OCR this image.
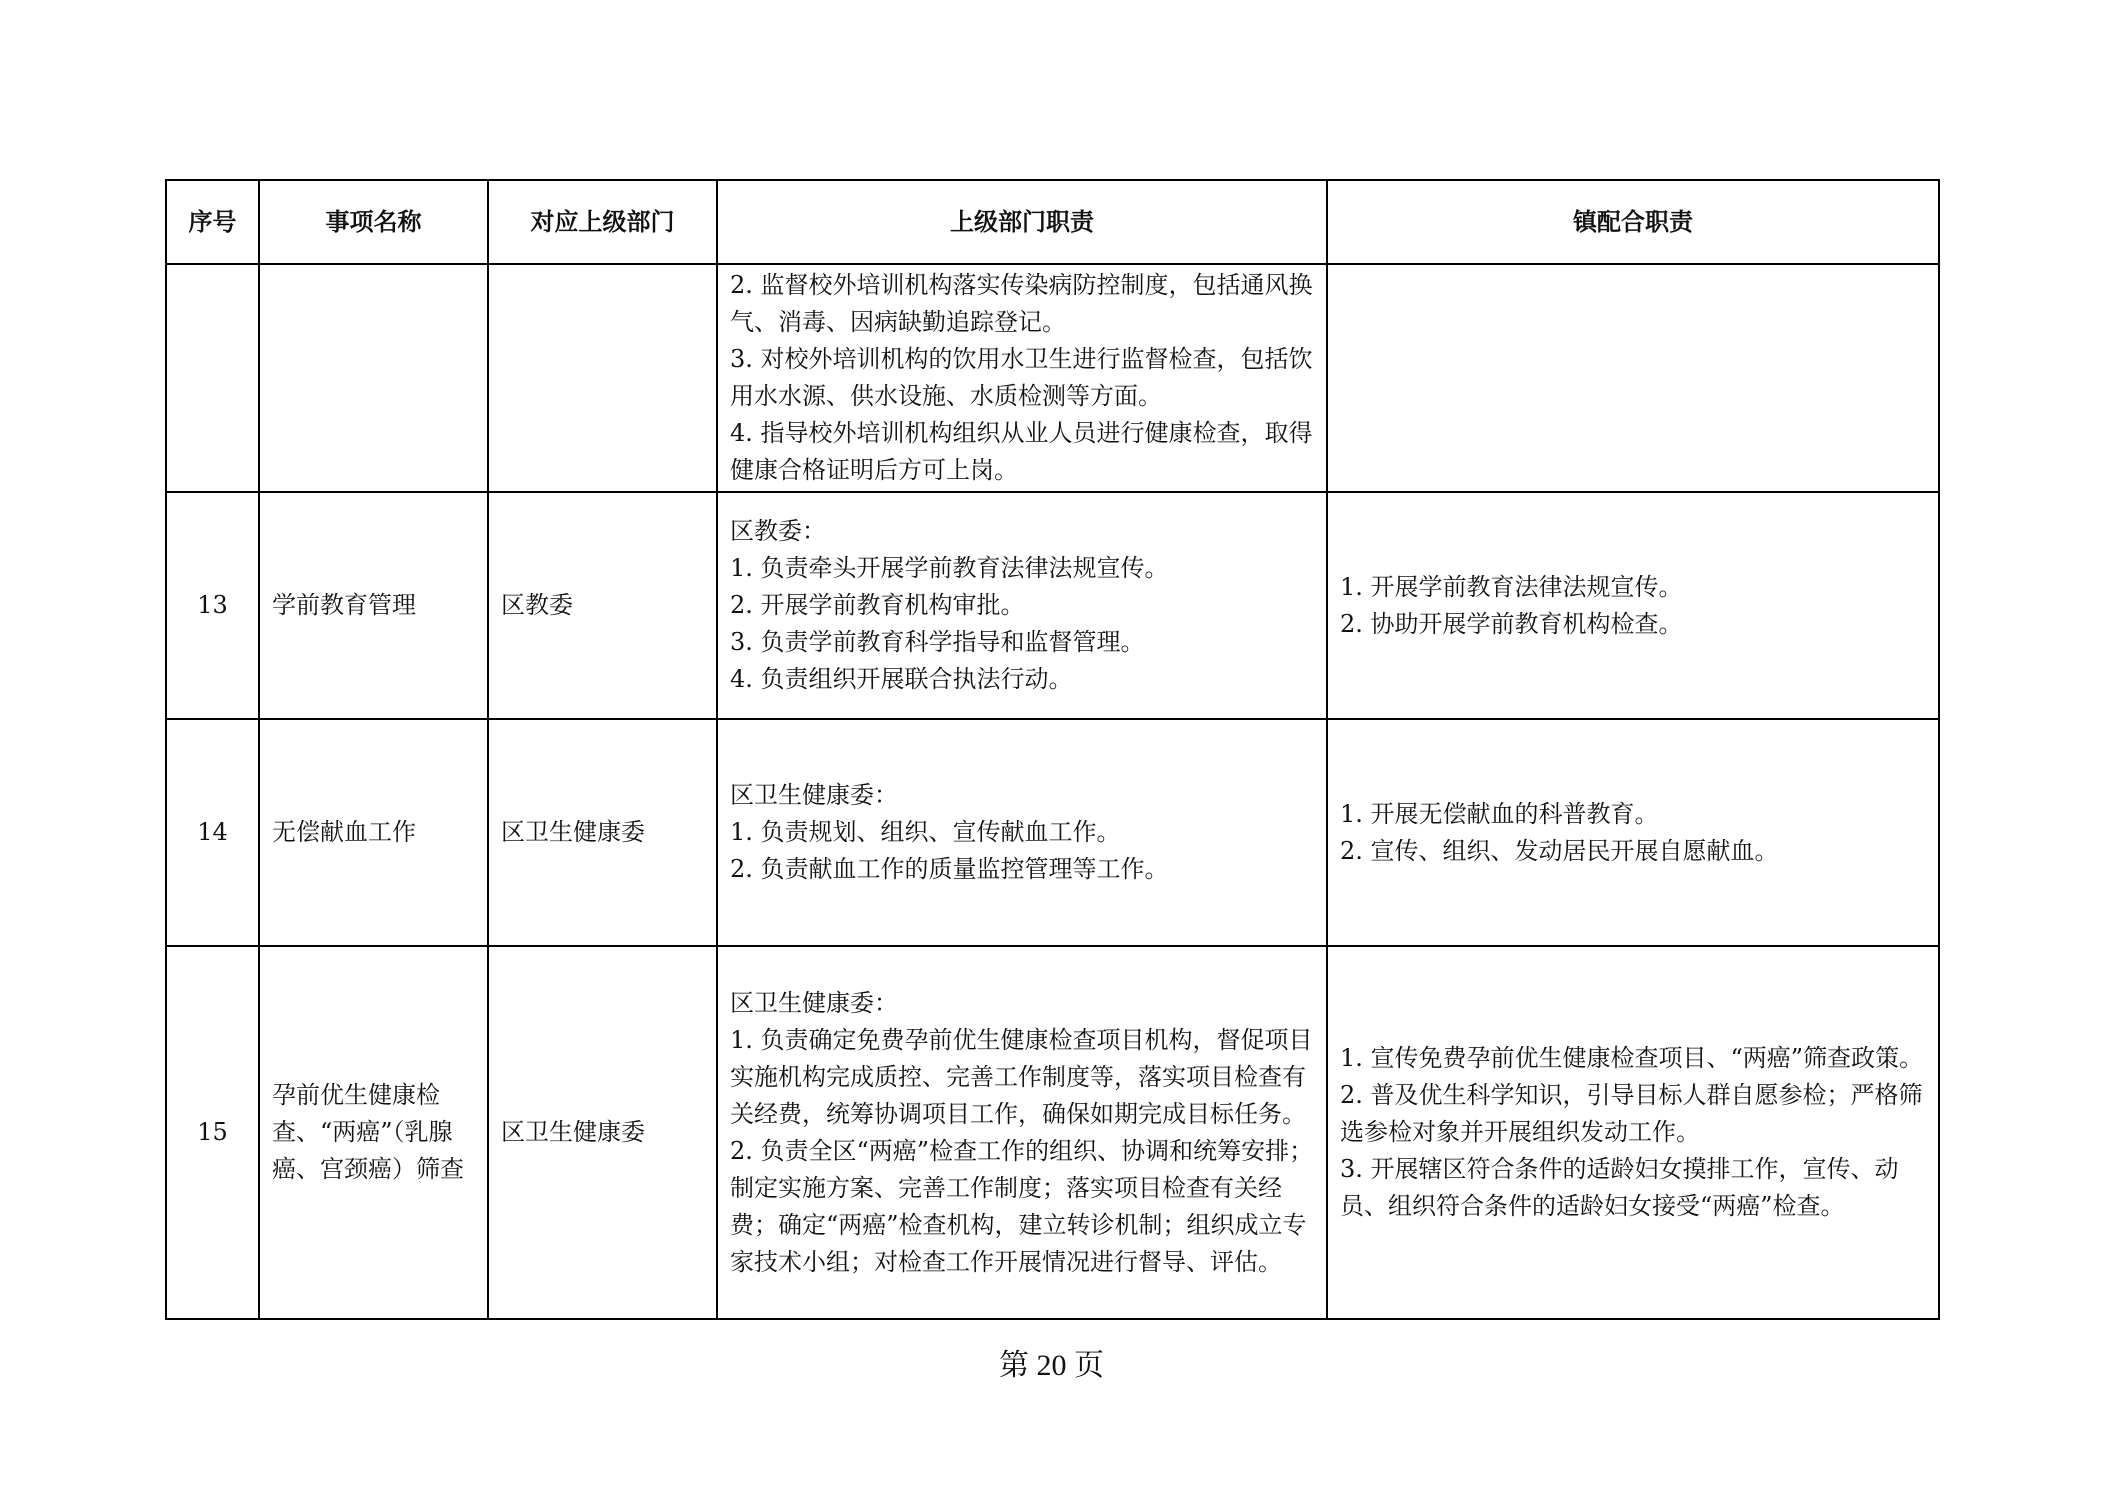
序号	事项名称	对应上级部门	上级部门职责	镇配合职责

			2. 监督校外培训机构落实传染病防控制度，包括通风换气、消毒、因病缺勤追踪登记。
3. 对校外培训机构的饮用水卫生进行监督检查，包括饮用水水源、供水设施、水质检测等方面。
4. 指导校外培训机构组织从业人员进行健康检查，取得健康合格证明后方可上岗。	

13	学前教育管理	区教委	区教委：
1. 负责牵头开展学前教育法律法规宣传。
2. 开展学前教育机构审批。
3. 负责学前教育科学指导和监督管理。
4. 负责组织开展联合执法行动。	1. 开展学前教育法律法规宣传。
2. 协助开展学前教育机构检查。

14	无偿献血工作	区卫生健康委	区卫生健康委：
1. 负责规划、组织、宣传献血工作。
2. 负责献血工作的质量监控管理等工作。	1. 开展无偿献血的科普教育。
2. 宣传、组织、发动居民开展自愿献血。

15	孕前优生健康检查、“两癌”（乳腺癌、宫颈癌）筛查	区卫生健康委	区卫生健康委：
1. 负责确定免费孕前优生健康检查项目机构，督促项目实施机构完成质控、完善工作制度等，落实项目检查有关经费，统筹协调项目工作，确保如期完成目标任务。
2. 负责全区“两癌”检查工作的组织、协调和统筹安排；制定实施方案、完善工作制度；落实项目检查有关经费；确定“两癌”检查机构，建立转诊机制；组织成立专家技术小组；对检查工作开展情况进行督导、评估。	1. 宣传免费孕前优生健康检查项目、“两癌”筛查政策。
2. 普及优生科学知识，引导目标人群自愿参检；严格筛选参检对象并开展组织发动工作。
3. 开展辖区符合条件的适龄妇女摸排工作，宣传、动员、组织符合条件的适龄妇女接受“两癌”检查。
第 20 页
